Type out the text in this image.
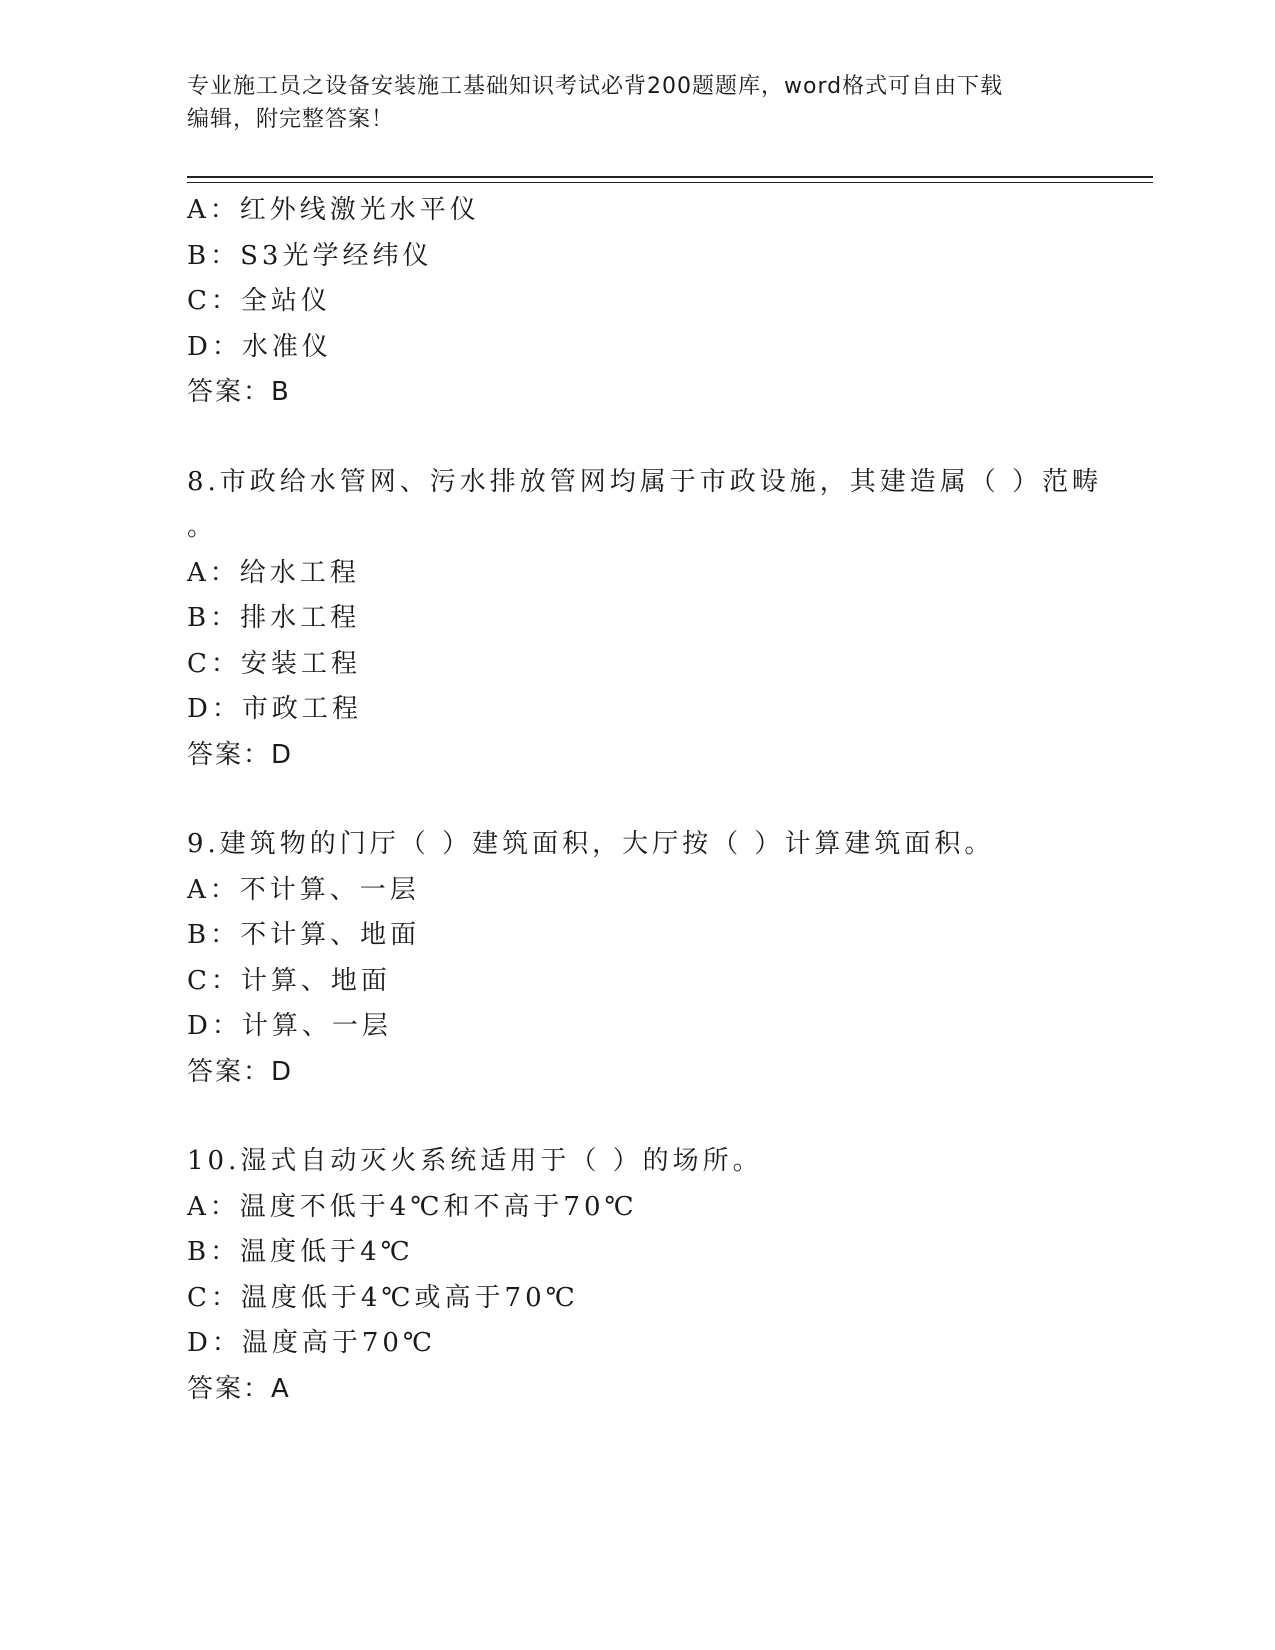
专业施工员之设备安装施工基础知识考试必背200题题库，word格式可自由下载
编辑，附完整答案！
A：红外线激光水平仪
B：S3光学经纬仪
C：全站仪
D：水准仪
答案：B
8.市政给水管网、污水排放管网均属于市政设施，其建造属（ ）范畴
。
A：给水工程
B：排水工程
C：安装工程
D：市政工程
答案：D
9.建筑物的门厅（ ）建筑面积，大厅按（ ）计算建筑面积。
A：不计算、一层
B：不计算、地面
C：计算、地面
D：计算、一层
答案：D
10.湿式自动灭火系统适用于（ ）的场所。
A：温度不低于4℃和不高于70℃
B：温度低于4℃
C：温度低于4℃或高于70℃
D：温度高于70℃
答案：A
